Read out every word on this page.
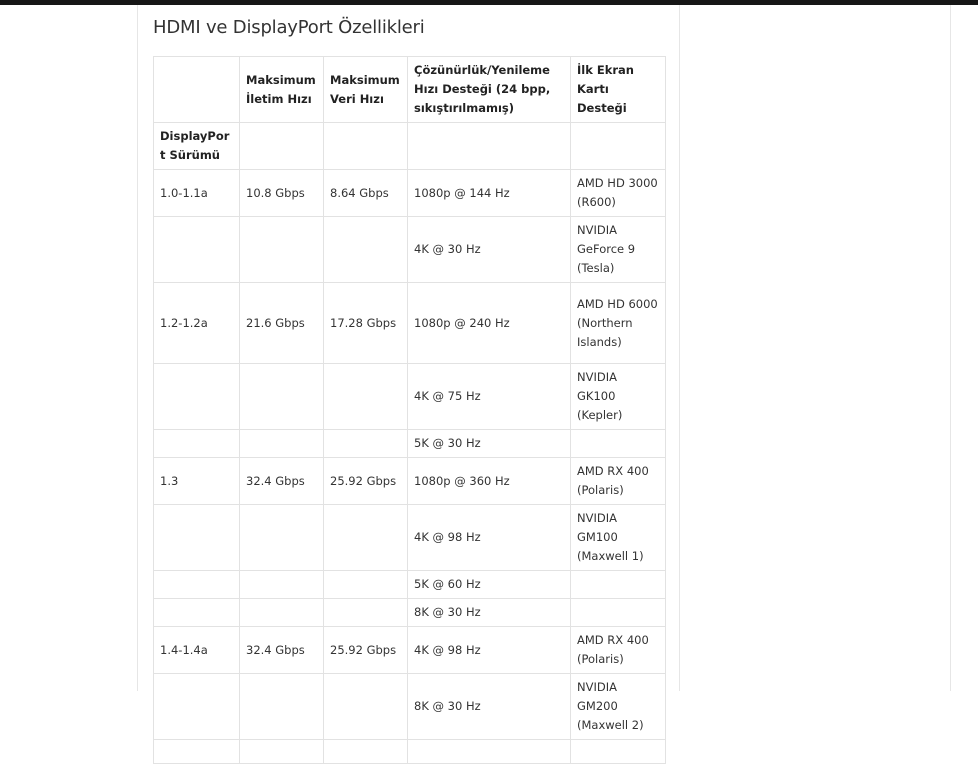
HDMI ve DisplayPort Özellikleri
	Maksimum İletim Hızı	Maksimum Veri Hızı	Çözünürlük/Yenileme Hızı Desteği (24 bpp, sıkıştırılmamış)	İlk Ekran Kartı Desteği
DisplayPort Sürümü				
1.0-1.1a	10.8 Gbps	8.64 Gbps	1080p @ 144 Hz	AMD HD 3000 (R600)
			4K @ 30 Hz	NVIDIA GeForce 9 (Tesla)
1.2-1.2a	21.6 Gbps	17.28 Gbps	1080p @ 240 Hz	AMD HD 6000 (Northern Islands)
			4K @ 75 Hz	NVIDIA GK100 (Kepler)
			5K @ 30 Hz	
1.3	32.4 Gbps	25.92 Gbps	1080p @ 360 Hz	AMD RX 400 (Polaris)
			4K @ 98 Hz	NVIDIA GM100 (Maxwell 1)
			5K @ 60 Hz	
			8K @ 30 Hz	
1.4-1.4a	32.4 Gbps	25.92 Gbps	4K @ 98 Hz	AMD RX 400 (Polaris)
			8K @ 30 Hz	NVIDIA GM200 (Maxwell 2)
